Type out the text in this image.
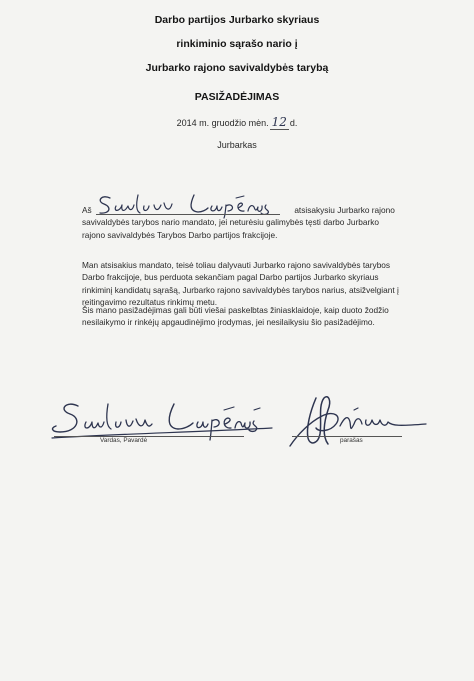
Darbo partijos Jurbarko skyriaus
rinkiminio sąrašo nario į
Jurbarko rajono savivaldybės tarybą
PASIŽADĖJIMAS
2014 m. gruodžio mėn. 12 d.
Jurbarkas
Aš	atsisakysiu Jurbarko rajono savivaldybės tarybos nario mandato, jei neturėsiu galimybės tęsti darbo Jurbarko rajono savivaldybės Tarybos Darbo partijos frakcijoje.
Man atsisakius mandato, teisė toliau dalyvauti Jurbarko rajono savivaldybės tarybos Darbo frakcijoje, bus perduota sekančiam pagal Darbo partijos Jurbarko skyriaus rinkiminį kandidatų sąrašą, Jurbarko rajono savivaldybės tarybos narius, atsižvelgiant į reitingavimo rezultatus rinkimų metu.
Šis mano pasižadėjimas gali būti viešai paskelbtas žiniasklaidoje, kaip duoto žodžio nesilaikymo ir rinkėjų apgaudinėjimo įrodymas, jei nesilaikysiu šio pasižadėjimo.
Vardas, Pavardė	parašas
